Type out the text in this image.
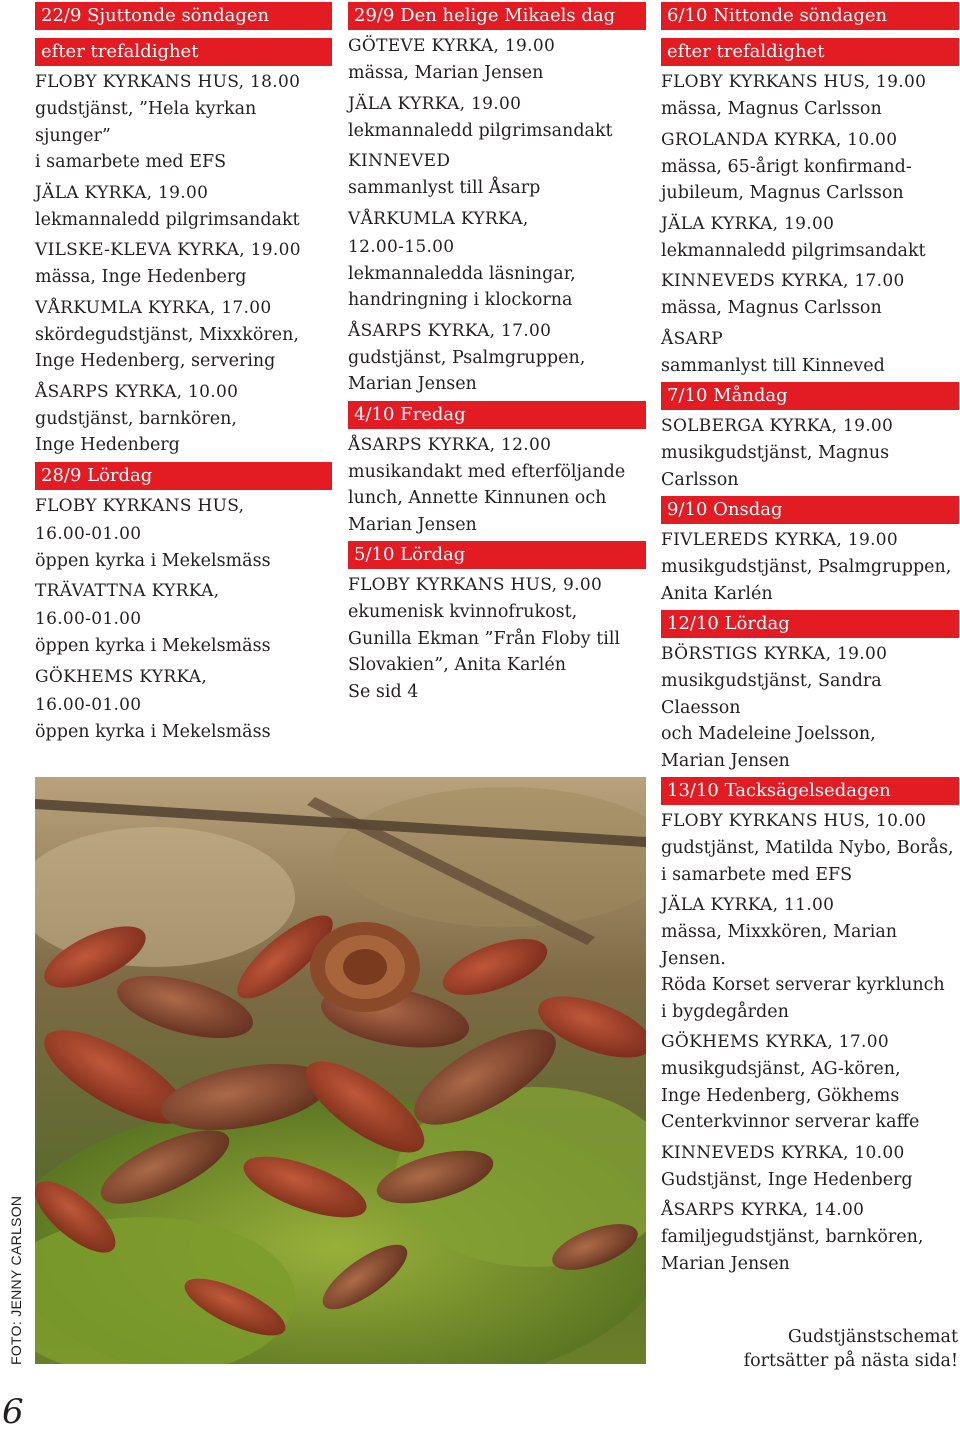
22/9 Sjuttonde söndagen
efter trefaldighet
FLOBY KYRKANS HUS, 18.00
gudstjänst, ”Hela kyrkan sjunger”
i samarbete med EFS
JÄLA KYRKA, 19.00
lekmannaledd pilgrimsandakt
VILSKE-KLEVA KYRKA, 19.00
mässa, Inge Hedenberg
VÅRKUMLA KYRKA, 17.00
skördegudstjänst, Mixxkören,
Inge Hedenberg, servering
ÅSARPS KYRKA, 10.00
gudstjänst, barnkören,
Inge Hedenberg
28/9 Lördag
FLOBY KYRKANS HUS,
16.00-01.00
öppen kyrka i Mekelsmäss
TRÄVATTNA KYRKA,
16.00-01.00
öppen kyrka i Mekelsmäss
GÖKHEMS KYRKA,
16.00-01.00
öppen kyrka i Mekelsmäss
29/9 Den helige Mikaels dag
GÖTEVE KYRKA, 19.00
mässa, Marian Jensen
JÄLA KYRKA, 19.00
lekmannaledd pilgrimsandakt
KINNEVED
sammanlyst till Åsarp
VÅRKUMLA KYRKA,
12.00-15.00
lekmannaledda läsningar,
handringning i klockorna
ÅSARPS KYRKA, 17.00
gudstjänst, Psalmgruppen,
Marian Jensen
4/10 Fredag
ÅSARPS KYRKA, 12.00
musikandakt med efterföljande
lunch, Annette Kinnunen och
Marian Jensen
5/10 Lördag
FLOBY KYRKANS HUS, 9.00
ekumenisk kvinnofrukost,
Gunilla Ekman ”Från Floby till
Slovakien”, Anita Karlén
Se sid 4
6/10 Nittonde söndagen
efter trefaldighet
FLOBY KYRKANS HUS, 19.00
mässa, Magnus Carlsson
GROLANDA KYRKA, 10.00
mässa, 65-årigt konfirmand-
jubileum, Magnus Carlsson
JÄLA KYRKA, 19.00
lekmannaledd pilgrimsandakt
KINNEVEDS KYRKA, 17.00
mässa, Magnus Carlsson
ÅSARP
sammanlyst till Kinneved
7/10 Måndag
SOLBERGA KYRKA, 19.00
musikgudstjänst, Magnus Carlsson
9/10 Onsdag
FIVLEREDS KYRKA, 19.00
musikgudstjänst, Psalmgruppen,
Anita Karlén
12/10 Lördag
BÖRSTIGS KYRKA, 19.00
musikgudstjänst, Sandra Claesson
och Madeleine Joelsson,
Marian Jensen
13/10 Tacksägelsedagen
FLOBY KYRKANS HUS, 10.00
gudstjänst, Matilda Nybo, Borås,
i samarbete med EFS
JÄLA KYRKA, 11.00
mässa, Mixxkören, Marian Jensen.
Röda Korset serverar kyrklunch
i bygdegården
GÖKHEMS KYRKA, 17.00
musikgudsjänst, AG-kören,
Inge Hedenberg, Gökhems
Centerkvinnor serverar kaffe
KINNEVEDS KYRKA, 10.00
Gudstjänst, Inge Hedenberg
ÅSARPS KYRKA, 14.00
familjegudstjänst, barnkören,
Marian Jensen
FOTO: JENNY CARLSON
6
Gudstjänstschemat
fortsätter på nästa sida!
